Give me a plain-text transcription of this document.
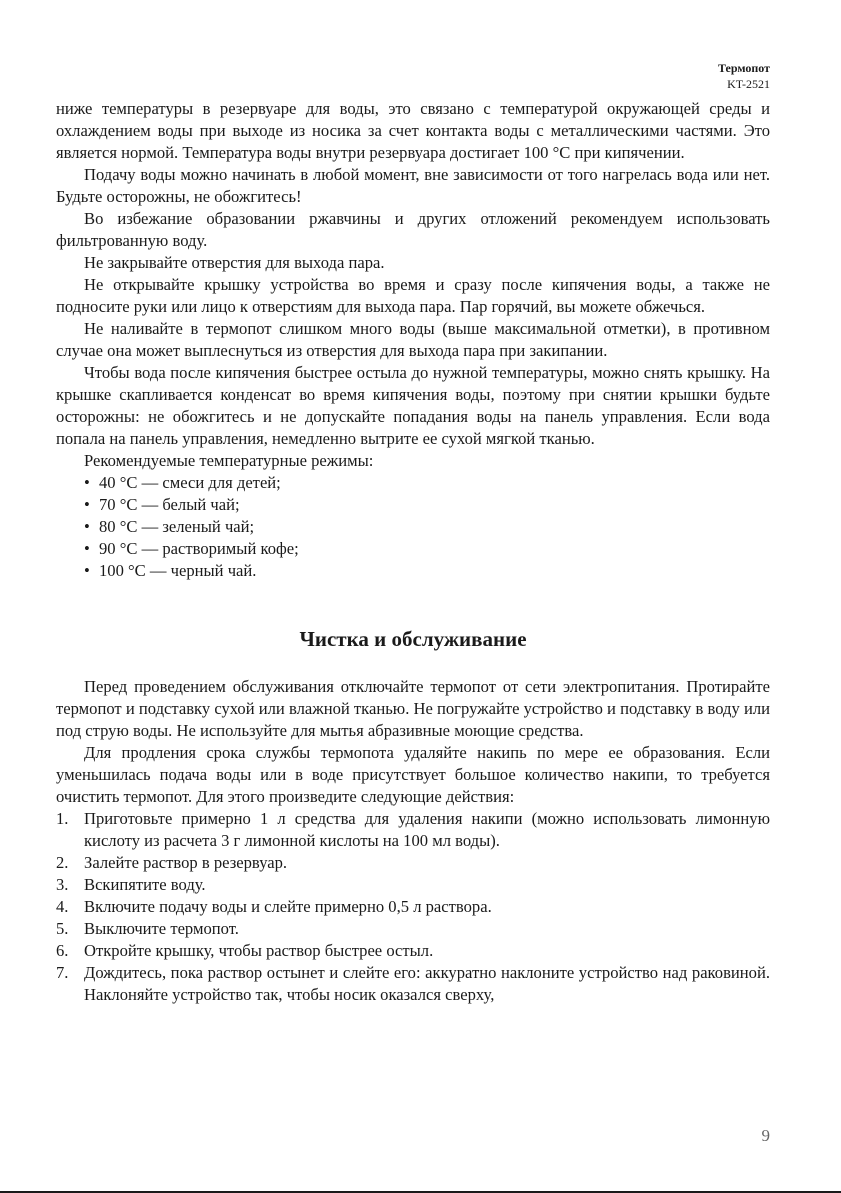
Термопот
KT-2521

ниже температуры в резервуаре для воды, это связано с температурой окружающей среды и охлаждением воды при выходе из носика за счет контакта воды с металлическими частями. Это является нормой. Температура воды внутри резервуара достигает 100 °С при кипячении.

Подачу воды можно начинать в любой момент, вне зависимости от того нагрелась вода или нет. Будьте осторожны, не обожгитесь!

Во избежание образовании ржавчины и других отложений рекомендуем использовать фильтрованную воду.

Не закрывайте отверстия для выхода пара.

Не открывайте крышку устройства во время и сразу после кипячения воды, а также не подносите руки или лицо к отверстиям для выхода пара. Пар горячий, вы можете обжечься.

Не наливайте в термопот слишком много воды (выше максимальной отметки), в противном случае она может выплеснуться из отверстия для выхода пара при закипании.

Чтобы вода после кипячения быстрее остыла до нужной температуры, можно снять крышку. На крышке скапливается конденсат во время кипячения воды, поэтому при снятии крышки будьте осторожны: не обожгитесь и не допускайте попадания воды на панель управления. Если вода попала на панель управления, немедленно вытрите ее сухой мягкой тканью.

Рекомендуемые температурные режимы:

• 40 °С — смеси для детей;
• 70 °С — белый чай;
• 80 °С — зеленый чай;
• 90 °С — растворимый кофе;
• 100 °С — черный чай.
Чистка и обслуживание

Перед проведением обслуживания отключайте термопот от сети электропитания. Протирайте термопот и подставку сухой или влажной тканью. Не погружайте устройство и подставку в воду или под струю воды. Не используйте для мытья абразивные моющие средства.

Для продления срока службы термопота удаляйте накипь по мере ее образования. Если уменьшилась подача воды или в воде присутствует большое количество накипи, то требуется очистить термопот. Для этого произведите следующие действия:

1. Приготовьте примерно 1 л средства для удаления накипи (можно использовать лимонную кислоту из расчета 3 г лимонной кислоты на 100 мл воды).
2. Залейте раствор в резервуар.
3. Вскипятите воду.
4. Включите подачу воды и слейте примерно 0,5 л раствора.
5. Выключите термопот.
6. Откройте крышку, чтобы раствор быстрее остыл.
7. Дождитесь, пока раствор остынет и слейте его: аккуратно наклоните устройство над раковиной. Наклоняйте устройство так, чтобы носик оказался сверху,
9
